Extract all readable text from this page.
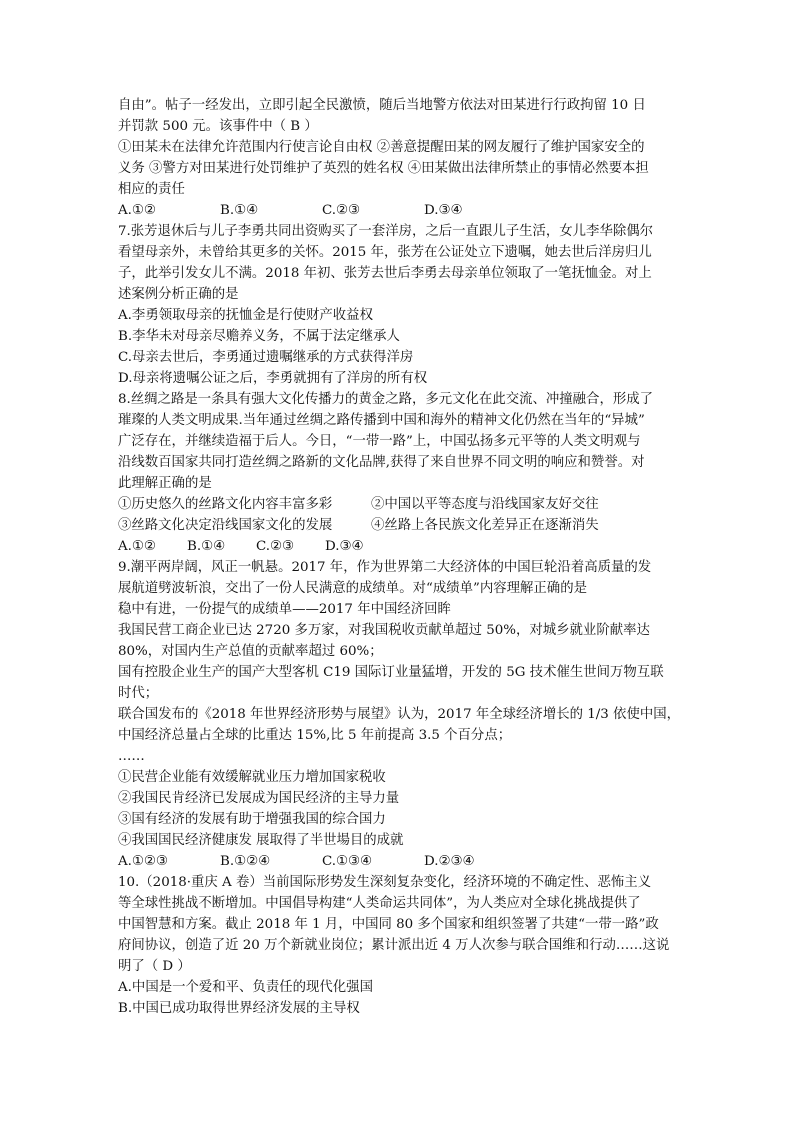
自由”。帖子一经发出，立即引起全民激愤，随后当地警方依法对田某进行行政拘留 10 日

并罚款 500 元。该事件中（ B ）

①田某未在法律允许范围内行使言论自由权 ②善意提醒田某的网友履行了维护国家安全的

义务 ③警方对田某进行处罚维护了英烈的姓名权 ④田某做出法律所禁止的事情必然要本担

相应的责任

A.①②	B.①④	C.②③	D.③④

7.张芳退休后与儿子李勇共同出资购买了一套洋房，之后一直跟儿子生活，女儿李华除偶尔

看望母亲外，未曾给其更多的关怀。2015 年，张芳在公证处立下遗嘱，她去世后洋房归儿

子，此举引发女儿不满。2018 年初、张芳去世后李勇去母亲单位领取了一笔抚恤金。对上

述案例分析正确的是

A.李勇领取母亲的抚恤金是行使财产收益权

B.李华未对母亲尽赡养义务，不属于法定继承人

C.母亲去世后，李勇通过遗嘱继承的方式获得洋房

D.母亲将遗嘱公证之后，李勇就拥有了洋房的所有权

8.丝绸之路是一条具有强大文化传播力的黄金之路，多元文化在此交流、冲撞融合，形成了

璀璨的人类文明成果.当年通过丝绸之路传播到中国和海外的精神文化仍然在当年的“异城”

广泛存在，并继续造福于后人。今日，“一带一路”上，中国弘扬多元平等的人类文明观与

沿线数百国家共同打造丝绸之路新的文化品牌,获得了来自世界不同文明的响应和赞誉。对

此理解正确的是

①历史悠久的丝路文化内容丰富多彩	②中国以平等态度与沿线国家友好交往
③丝路文化决定沿线国家文化的发展	④丝路上各民族文化差异正在逐渐消失
A.①②	B.①④	C.②③	D.③④

9.潮平两岸阔，风正一帆悬。2017 年，作为世界第二大经济体的中国巨轮沿着高质量的发

展航道劈波斩浪，交出了一份人民满意的成绩单。对“成绩单”内容理解正确的是

稳中有进，一份提气的成绩单——2017 年中国经济回眸

我国民营工商企业已达 2720 多万家，对我国税收贡献单超过 50%，对城乡就业阶献率达

80%，对国内生产总值的贡献率超过 60%；

国有控股企业生产的国产大型客机 C19 国际订业量猛增，开发的 5G 技术催生世间万物互联

时代；

联合国发布的《2018 年世界经济形势与展望》认为，2017 年全球经济增长的 1/3 依使中国，

中国经济总量占全球的比重达 15%,比 5 年前提高 3.5 个百分点；

……

①民营企业能有效缓解就业压力增加国家税收

②我国民肯经济已发展成为国民经济的主导力量

③国有经济的发展有助于增强我国的综合国力

④我国国民经济健康发 展取得了半世場目的成就

A.①②③	B.①②④	C.①③④	D.②③④

10.（2018·重庆 A 卷）当前国际形势发生深刻复杂变化，经济环境的不确定性、恶怖主义

等全球性挑战不断增加。中国倡导构建“人类命运共同体”，为人类应对全球化挑战提供了

中国智慧和方案。截止 2018 年 1 月，中国同 80 多个国家和组织签署了共建“一带一路”政

府间协议，创造了近 20 万个新就业岗位；累计派出近 4 万人次参与联合国维和行动……这说

明了（ D ）

A.中国是一个爱和平、负责任的现代化强国

B.中国已成功取得世界经济发展的主导权
